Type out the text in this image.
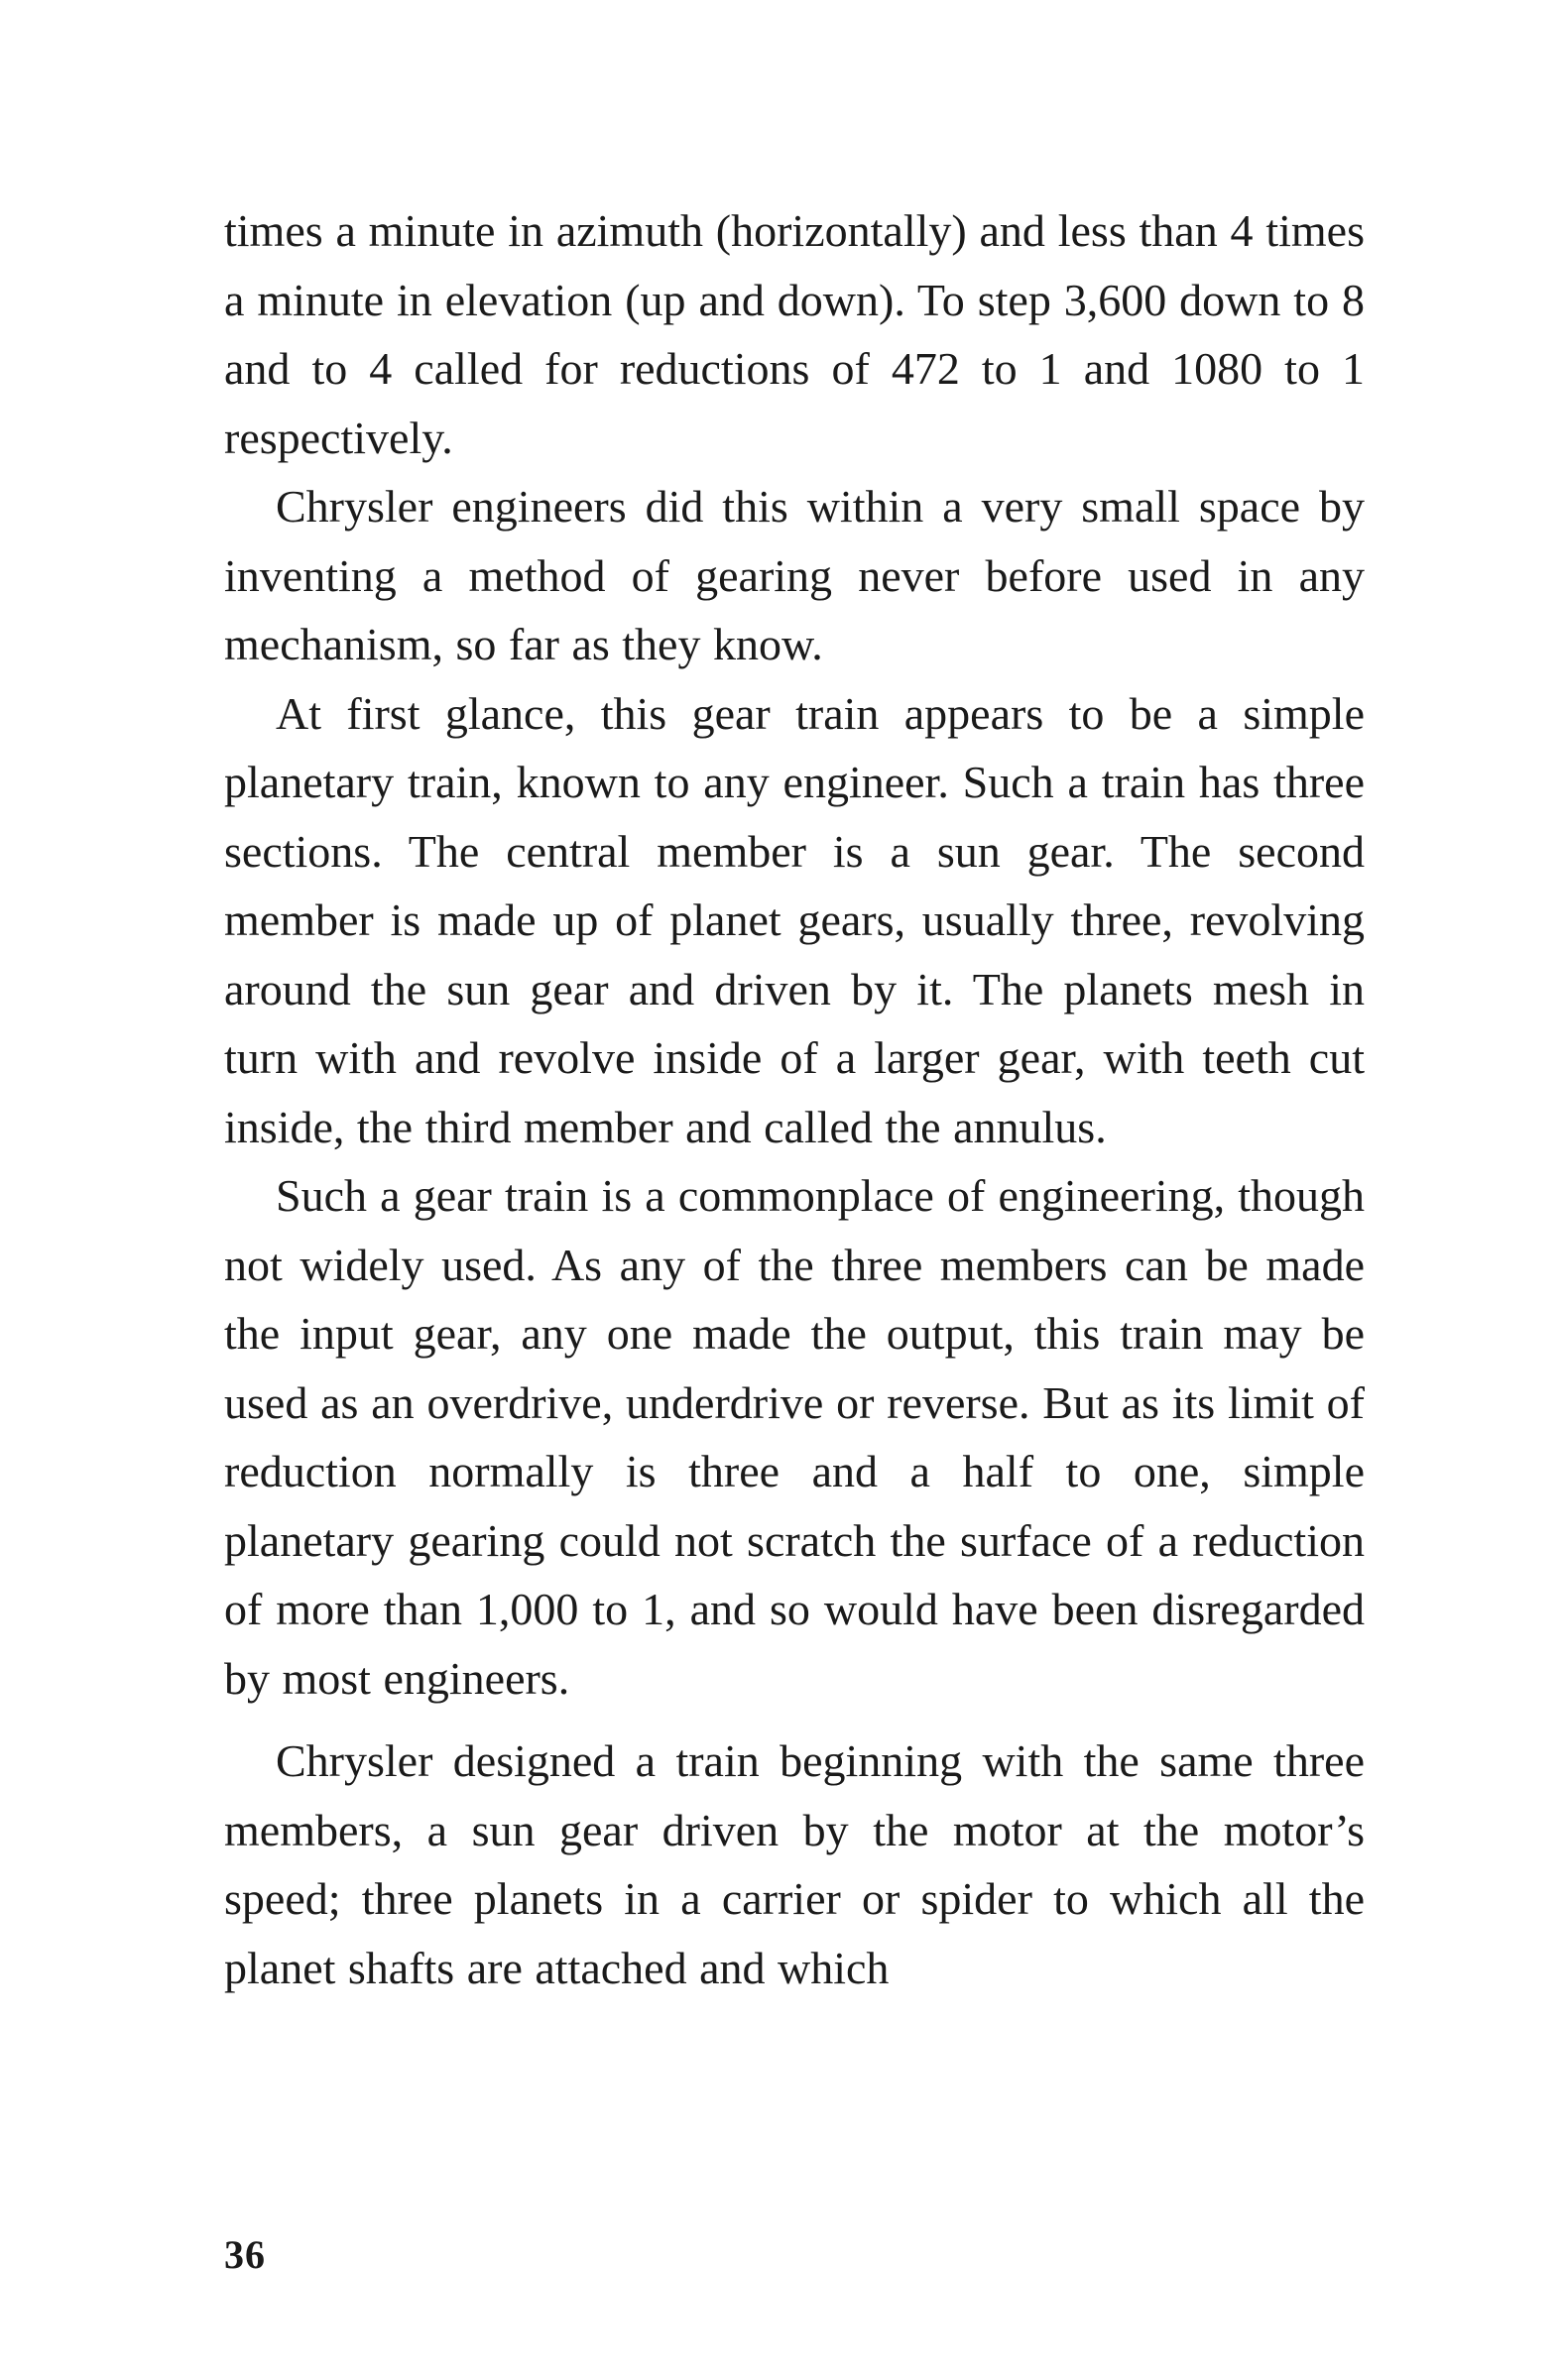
times a minute in azimuth (horizontally) and less than 4 times a minute in elevation (up and down). To step 3,600 down to 8 and to 4 called for reductions of 472 to 1 and 1080 to 1 respectively.

Chrysler engineers did this within a very small space by inventing a method of gearing never before used in any mechanism, so far as they know.

At first glance, this gear train appears to be a simple planetary train, known to any engineer. Such a train has three sections. The central member is a sun gear. The second member is made up of planet gears, usually three, revolving around the sun gear and driven by it. The planets mesh in turn with and revolve inside of a larger gear, with teeth cut inside, the third member and called the annulus.

Such a gear train is a commonplace of engineering, though not widely used. As any of the three members can be made the input gear, any one made the output, this train may be used as an overdrive, underdrive or reverse. But as its limit of reduction normally is three and a half to one, simple planetary gearing could not scratch the surface of a reduction of more than 1,000 to 1, and so would have been disregarded by most engineers.

Chrysler designed a train beginning with the same three members, a sun gear driven by the motor at the motor’s speed; three planets in a carrier or spider to which all the planet shafts are attached and which

36
